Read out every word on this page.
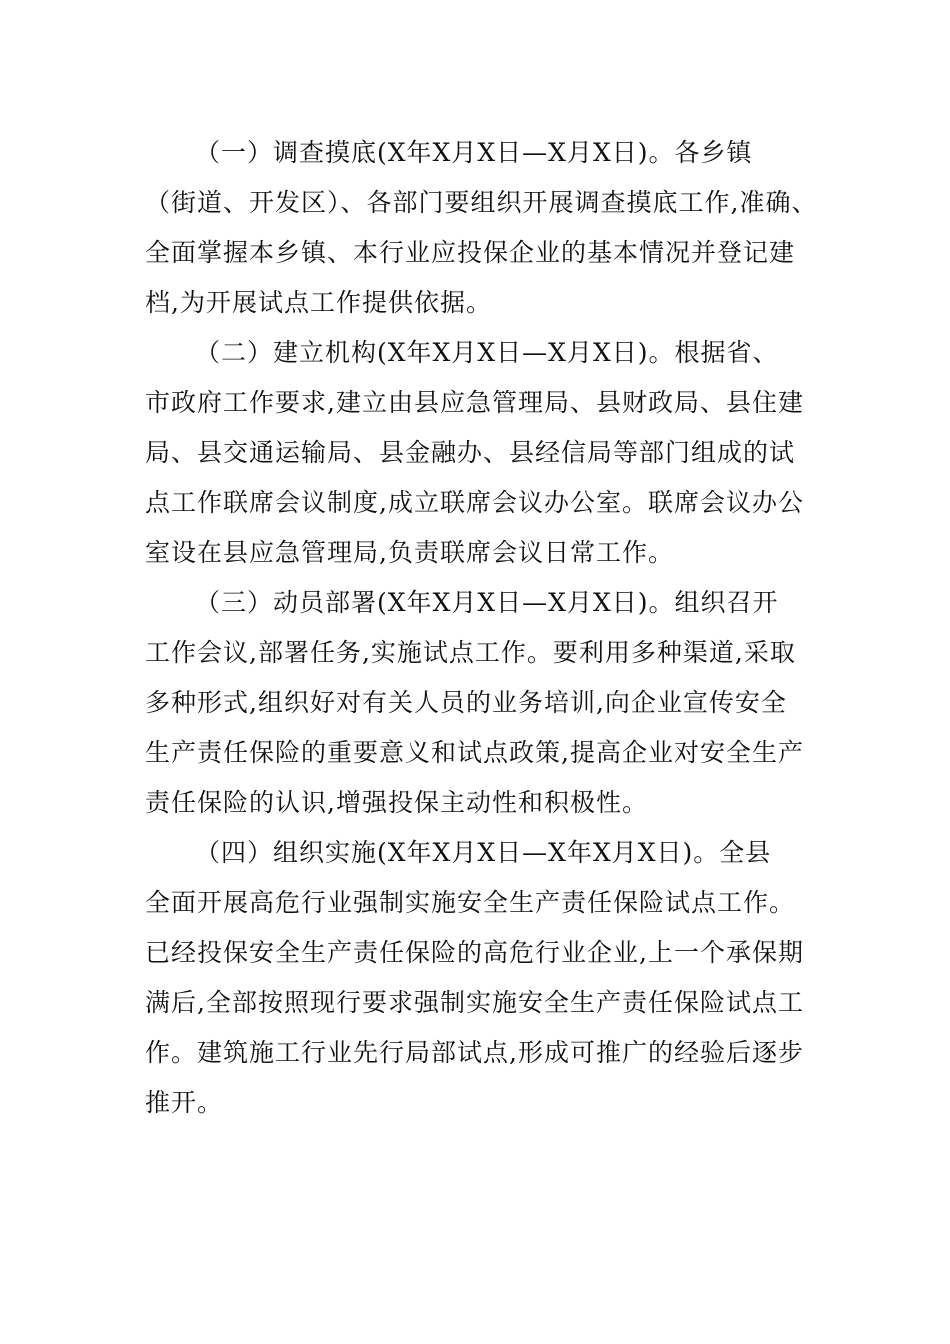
（一）调查摸底(X年X月X日—X月X日)。各乡镇

（街道、开发区）、各部门要组织开展调查摸底工作,准确、

全面掌握本乡镇、本行业应投保企业的基本情况并登记建

档,为开展试点工作提供依据。

（二）建立机构(X年X月X日—X月X日)。根据省、

市政府工作要求,建立由县应急管理局、县财政局、县住建

局、县交通运输局、县金融办、县经信局等部门组成的试

点工作联席会议制度,成立联席会议办公室。联席会议办公

室设在县应急管理局,负责联席会议日常工作。

（三）动员部署(X年X月X日—X月X日)。组织召开

工作会议,部署任务,实施试点工作。要利用多种渠道,采取

多种形式,组织好对有关人员的业务培训,向企业宣传安全

生产责任保险的重要意义和试点政策,提高企业对安全生产

责任保险的认识,增强投保主动性和积极性。

（四）组织实施(X年X月X日—X年X月X日)。全县

全面开展高危行业强制实施安全生产责任保险试点工作。

已经投保安全生产责任保险的高危行业企业,上一个承保期

满后,全部按照现行要求强制实施安全生产责任保险试点工

作。建筑施工行业先行局部试点,形成可推广的经验后逐步

推开。
